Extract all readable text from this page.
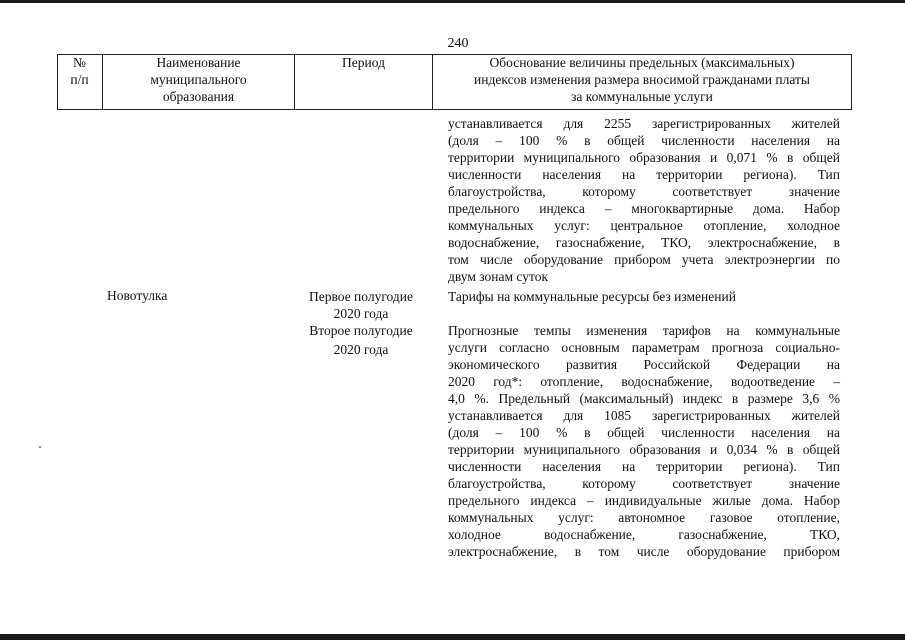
240
№
п/п
Наименование
муниципального
образования
Период	Обоснование величины предельных (максимальных)
индексов изменения размера вносимой гражданами платы
за коммунальные услуги
устанавливается для 2255 зарегистрированных жителей
(доля – 100 % в общей численности населения на
территории муниципального образования и 0,071 % в общей
численности населения на территории региона). Тип
благоустройства, которому соответствует значение
предельного индекса – многоквартирные дома. Набор
коммунальных услуг: центральное отопление, холодное
водоснабжение, газоснабжение, ТКО, электроснабжение, в
том числе оборудование прибором учета электроэнергии по
двум зонам суток
Новотулка	Первое полугодие
2020 года
Тарифы на коммунальные ресурсы без изменений
Второе полугодие
2020 года
Прогнозные темпы изменения тарифов на коммунальные
услуги согласно основным параметрам прогноза социально-
экономического развития Российской Федерации на
2020 год*: отопление, водоснабжение, водоотведение –
4,0 %. Предельный (максимальный) индекс в размере 3,6 %
устанавливается для 1085 зарегистрированных жителей
(доля – 100 % в общей численности населения на
территории муниципального образования и 0,034 % в общей
численности населения на территории региона). Тип
благоустройства, которому соответствует значение
предельного индекса – индивидуальные жилые дома. Набор
коммунальных услуг: автономное газовое отопление,
холодное водоснабжение, газоснабжение, ТКО,
электроснабжение, в том числе оборудование прибором
